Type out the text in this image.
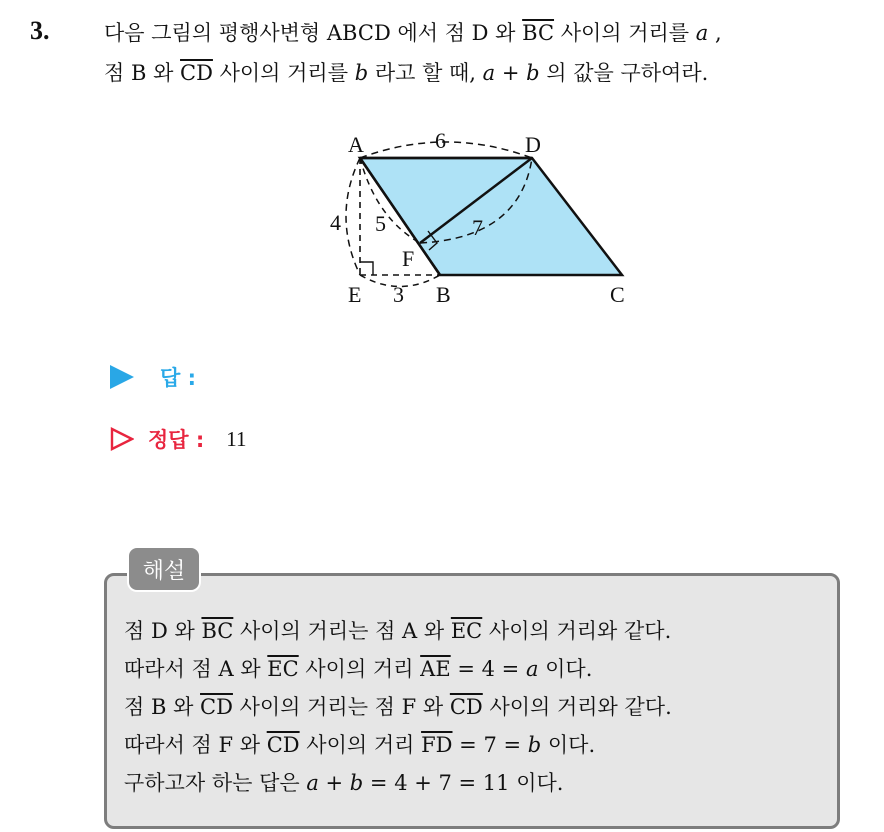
3.	다음 그림의 평행사변형 ABCD 에서 점 D 와 $\overline{BC}$ 사이의 거리를 a ,
점 B 와 $\overline{CD}$ 사이의 거리를 b 라고 할 때, a + b 의 값을 구하여라.
A	D
E	B	C
F
6
4 5	7
3
답 :
정답 : 11
해설
점 D 와 $\overline{BC}$ 사이의 거리는 점 A 와 $\overline{EC}$ 사이의 거리와 같다.
따라서 점 A 와 $\overline{EC}$ 사이의 거리 $\overline{AE} = 4 = a$ 이다.
점 B 와 $\overline{CD}$ 사이의 거리는 점 F 와 $\overline{CD}$ 사이의 거리와 같다.
따라서 점 F 와 $\overline{CD}$ 사이의 거리 $\overline{FD} = 7 = b$ 이다.
구하고자 하는 답은 a + b = 4 + 7 = 11 이다.
